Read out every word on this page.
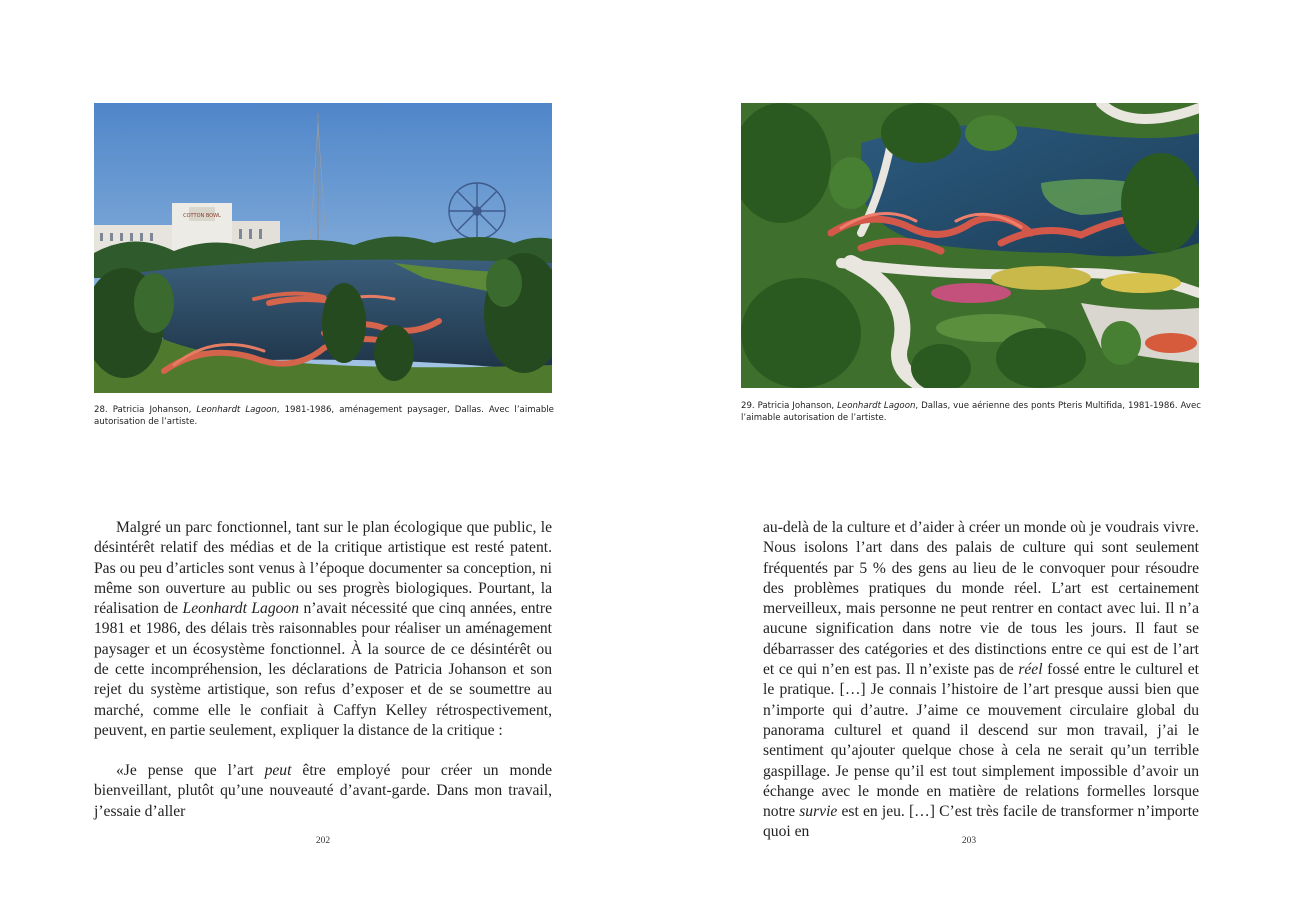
COTTON BOWL
28. Patricia Johanson, Leonhardt Lagoon, 1981-1986, aménagement paysager, Dallas. Avec l’aimable autorisation de l’artiste.

Malgré un parc fonctionnel, tant sur le plan écologique que public, le désintérêt relatif des médias et de la critique artistique est resté patent. Pas ou peu d’articles sont venus à l’époque documenter sa conception, ni même son ouverture au public ou ses progrès biologiques. Pourtant, la réalisation de Leonhardt Lagoon n’avait nécessité que cinq années, entre 1981 et 1986, des délais très raisonnables pour réaliser un aménagement paysager et un écosystème fonctionnel. À la source de ce désintérêt ou de cette incompréhension, les déclarations de Patricia Johanson et son rejet du système artistique, son refus d’exposer et de se soumettre au marché, comme elle le confiait à Caffyn Kelley rétrospectivement, peuvent, en partie seulement, expliquer la distance de la critique :

«Je pense que l’art peut être employé pour créer un monde bienveillant, plutôt qu’une nouveauté d’avant-garde. Dans mon travail, j’essaie d’aller

202
29. Patricia Johanson, Leonhardt Lagoon, Dallas, vue aérienne des ponts Pteris Multifida, 1981-1986. Avec l’aimable autorisation de l’artiste.

au-delà de la culture et d’aider à créer un monde où je voudrais vivre. Nous isolons l’art dans des palais de culture qui sont seulement fréquentés par 5 % des gens au lieu de le convoquer pour résoudre des problèmes pratiques du monde réel. L’art est certainement merveilleux, mais personne ne peut rentrer en contact avec lui. Il n’a aucune signification dans notre vie de tous les jours. Il faut se débarrasser des catégories et des distinctions entre ce qui est de l’art et ce qui n’en est pas. Il n’existe pas de réel fossé entre le culturel et le pratique. […] Je connais l’histoire de l’art presque aussi bien que n’importe qui d’autre. J’aime ce mouvement circulaire global du panorama culturel et quand il descend sur mon travail, j’ai le sentiment qu’ajouter quelque chose à cela ne serait qu’un terrible gaspillage. Je pense qu’il est tout simplement impossible d’avoir un échange avec le monde en matière de relations formelles lorsque notre survie est en jeu. […] C’est très facile de transformer n’importe quoi en

203
